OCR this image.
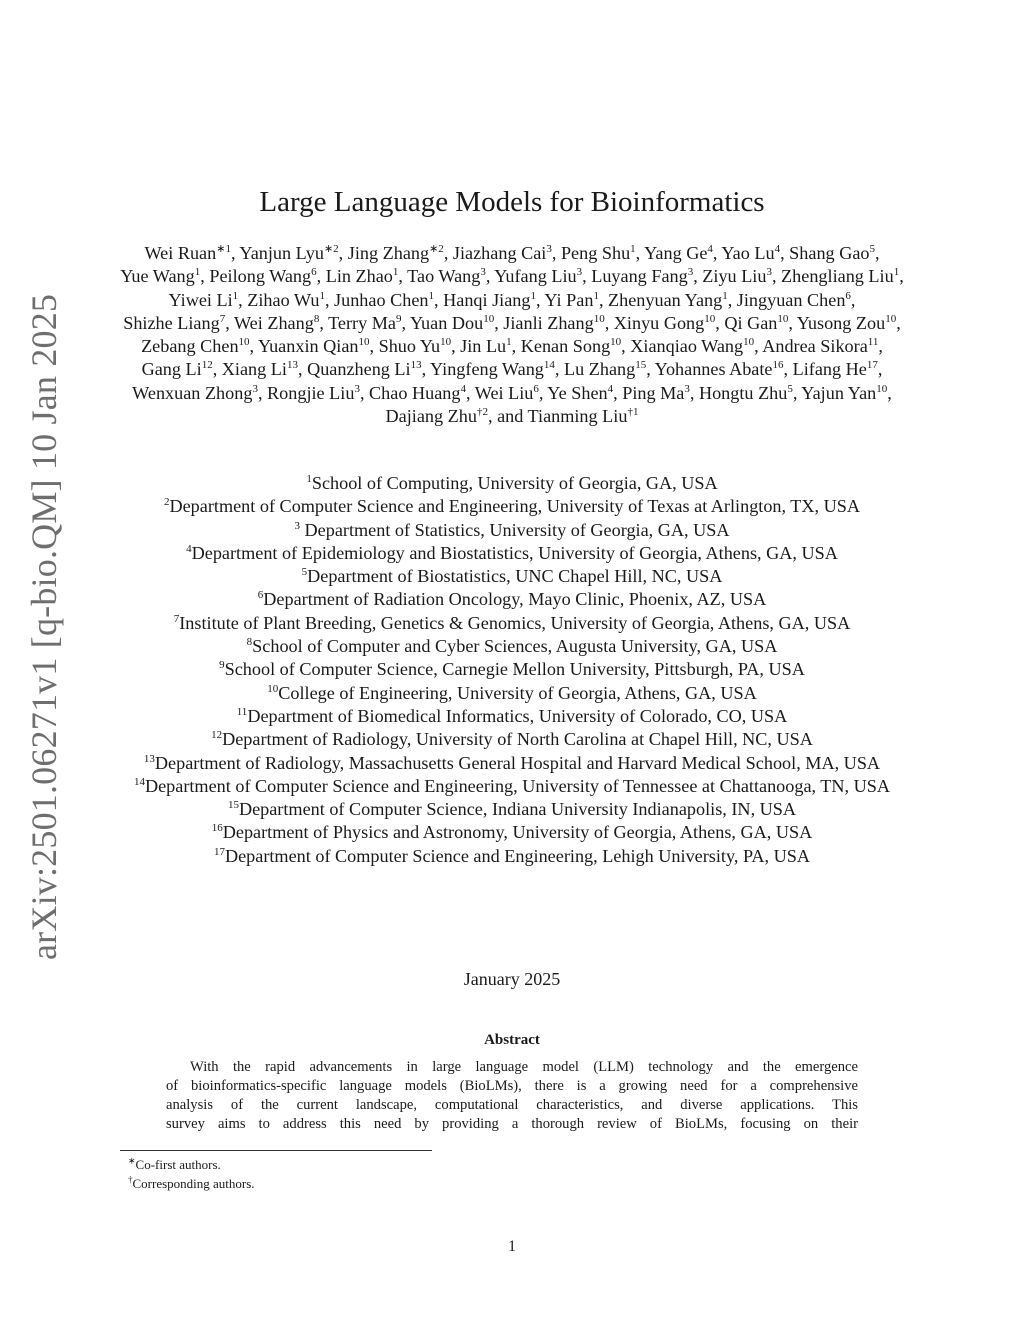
arXiv:2501.06271v1 [q-bio.QM] 10 Jan 2025
Large Language Models for Bioinformatics

Wei Ruan$^{∗1}$, Yanjun Lyu$^{∗2}$, Jing Zhang$^{∗2}$, Jiazhang Cai$^3$, Peng Shu$^1$, Yang Ge$^4$, Yao Lu$^4$, Shang Gao$^5$, Yue Wang$^1$, Peilong Wang$^6$, Lin Zhao$^1$, Tao Wang$^3$, Yufang Liu$^3$, Luyang Fang$^3$, Ziyu Liu$^3$, Zhengliang Liu$^1$, Yiwei Li$^1$, Zihao Wu$^1$, Junhao Chen$^1$, Hanqi Jiang$^1$, Yi Pan$^1$, Zhenyuan Yang$^1$, Jingyuan Chen$^6$, Shizhe Liang$^7$, Wei Zhang$^8$, Terry Ma$^9$, Yuan Dou$^{10}$, Jianli Zhang$^{10}$, Xinyu Gong$^{10}$, Qi Gan$^{10}$, Yusong Zou$^{10}$, Zebang Chen$^{10}$, Yuanxin Qian$^{10}$, Shuo Yu$^{10}$, Jin Lu$^1$, Kenan Song$^{10}$, Xianqiao Wang$^{10}$, Andrea Sikora$^{11}$, Gang Li$^{12}$, Xiang Li$^{13}$, Quanzheng Li$^{13}$, Yingfeng Wang$^{14}$, Lu Zhang$^{15}$, Yohannes Abate$^{16}$, Lifang He$^{17}$, Wenxuan Zhong$^3$, Rongjie Liu$^3$, Chao Huang$^4$, Wei Liu$^6$, Ye Shen$^4$, Ping Ma$^3$, Hongtu Zhu$^5$, Yajun Yan$^{10}$, Dajiang Zhu$^{\dagger 2}$, and Tianming Liu$^{\dagger 1}$

$^1$School of Computing, University of Georgia, GA, USA
$^2$Department of Computer Science and Engineering, University of Texas at Arlington, TX, USA
$^3$ Department of Statistics, University of Georgia, GA, USA
$^4$Department of Epidemiology and Biostatistics, University of Georgia, Athens, GA, USA
$^5$Department of Biostatistics, UNC Chapel Hill, NC, USA
$^6$Department of Radiation Oncology, Mayo Clinic, Phoenix, AZ, USA
$^7$Institute of Plant Breeding, Genetics & Genomics, University of Georgia, Athens, GA, USA
$^8$School of Computer and Cyber Sciences, Augusta University, GA, USA
$^9$School of Computer Science, Carnegie Mellon University, Pittsburgh, PA, USA
$^{10}$College of Engineering, University of Georgia, Athens, GA, USA
$^{11}$Department of Biomedical Informatics, University of Colorado, CO, USA
$^{12}$Department of Radiology, University of North Carolina at Chapel Hill, NC, USA
$^{13}$Department of Radiology, Massachusetts General Hospital and Harvard Medical School, MA, USA
$^{14}$Department of Computer Science and Engineering, University of Tennessee at Chattanooga, TN, USA
$^{15}$Department of Computer Science, Indiana University Indianapolis, IN, USA
$^{16}$Department of Physics and Astronomy, University of Georgia, Athens, GA, USA
$^{17}$Department of Computer Science and Engineering, Lehigh University, PA, USA
January 2025
Abstract
With the rapid advancements in large language model (LLM) technology and the emergence
of bioinformatics-specific language models (BioLMs), there is a growing need for a comprehensive
analysis of the current landscape, computational characteristics, and diverse applications. This
survey aims to address this need by providing a thorough review of BioLMs, focusing on their
∗Co-first authors.
†Corresponding authors.
1
